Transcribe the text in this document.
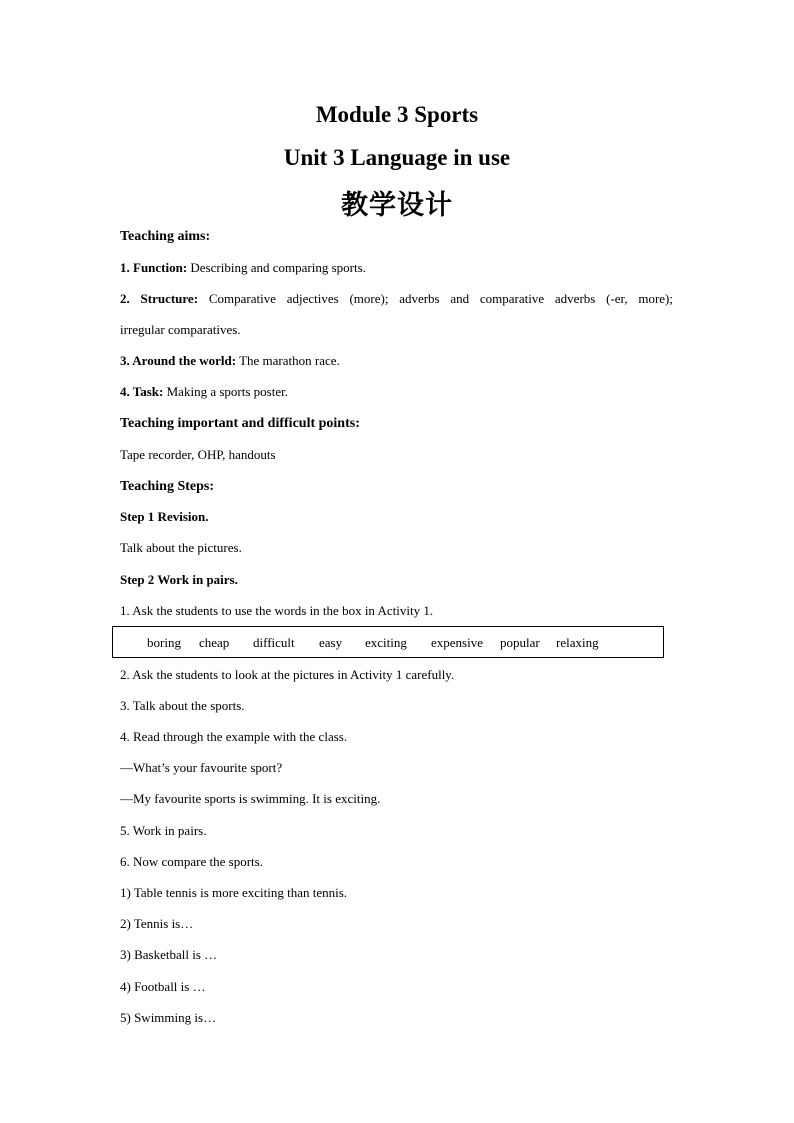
Module 3 Sports
Unit 3 Language in use
教学设计
Teaching aims:
1. Function: Describing and comparing sports.
2. Structure: Comparative adjectives (more); adverbs and comparative adverbs (-er, more);
irregular comparatives.
3. Around the world: The marathon race.
4. Task: Making a sports poster.
Teaching important and difficult points:
Tape recorder, OHP, handouts
Teaching Steps:
Step 1 Revision.
Talk about the pictures.
Step 2 Work in pairs.
1. Ask the students to use the words in the box in Activity 1.
boring cheap difficult easy exciting expensive popular relaxing
2. Ask the students to look at the pictures in Activity 1 carefully.
3. Talk about the sports.
4. Read through the example with the class.
—What’s your favourite sport?
—My favourite sports is swimming. It is exciting.
5. Work in pairs.
6. Now compare the sports.
1) Table tennis is more exciting than tennis.
2) Tennis is…
3) Basketball is …
4) Football is …
5) Swimming is…
